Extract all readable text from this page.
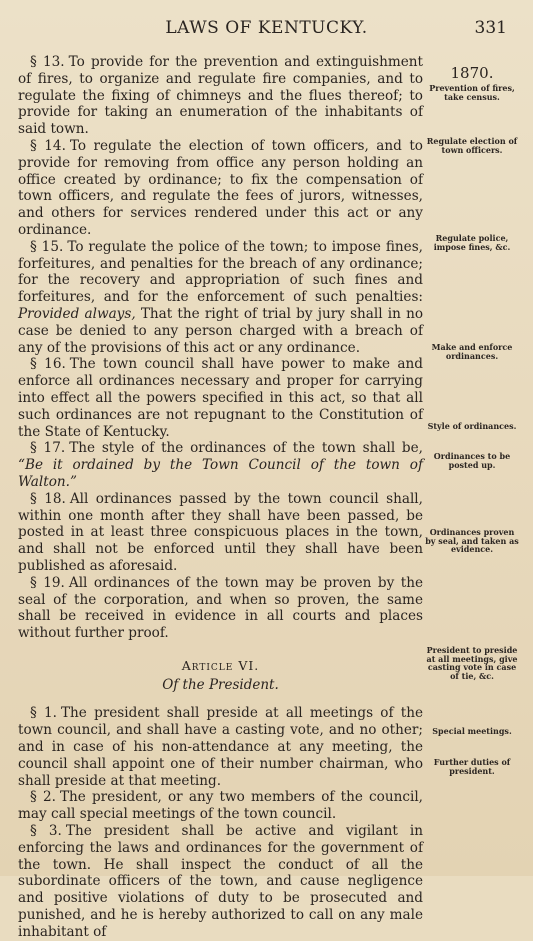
LAWS OF KENTUCKY.	331

§ 13. To provide for the prevention and extinguishment of fires, to organize and regulate fire companies, and to regulate the fixing of chimneys and the flues thereof; to provide for taking an enumeration of the inhabitants of said town.

§ 14. To regulate the election of town officers, and to provide for removing from office any person holding an office created by ordinance; to fix the compensation of town officers, and regulate the fees of jurors, witnesses, and others for services rendered under this act or any ordinance.

§ 15. To regulate the police of the town; to impose fines, forfeitures, and penalties for the breach of any ordinance; for the recovery and appropriation of such fines and forfeitures, and for the enforcement of such penalties: Provided always, That the right of trial by jury shall in no case be denied to any person charged with a breach of any of the provisions of this act or any ordinance.

§ 16. The town council shall have power to make and enforce all ordinances necessary and proper for carrying into effect all the powers specified in this act, so that all such ordinances are not repugnant to the Constitution of the State of Kentucky.

§ 17. The style of the ordinances of the town shall be, “Be it ordained by the Town Council of the town of Walton.”

§ 18. All ordinances passed by the town council shall, within one month after they shall have been passed, be posted in at least three conspicuous places in the town, and shall not be enforced until they shall have been published as aforesaid.

§ 19. All ordinances of the town may be proven by the seal of the corporation, and when so proven, the same shall be received in evidence in all courts and places without further proof.

Article VI.
Of the President.

§ 1. The president shall preside at all meetings of the town council, and shall have a casting vote, and no other; and in case of his non-attendance at any meeting, the council shall appoint one of their number chairman, who shall preside at that meeting.

§ 2. The president, or any two members of the council, may call special meetings of the town council.

§ 3. The president shall be active and vigilant in enforcing the laws and ordinances for the government of the town. He shall inspect the conduct of all the subordinate officers of the town, and cause negligence and positive violations of duty to be prosecuted and punished, and he is hereby authorized to call on any male inhabitant of

1870.
Prevention of fires, take census.
Regulate election of town officers.
Regulate police, impose fines, &c.
Make and enforce ordinances.
Style of ordinances.
Ordinances to be posted up.
Ordinances proven by seal, and taken as evidence.
President to preside at all meetings, give casting vote in case of tie, &c.
Special meetings.
Further duties of president.
